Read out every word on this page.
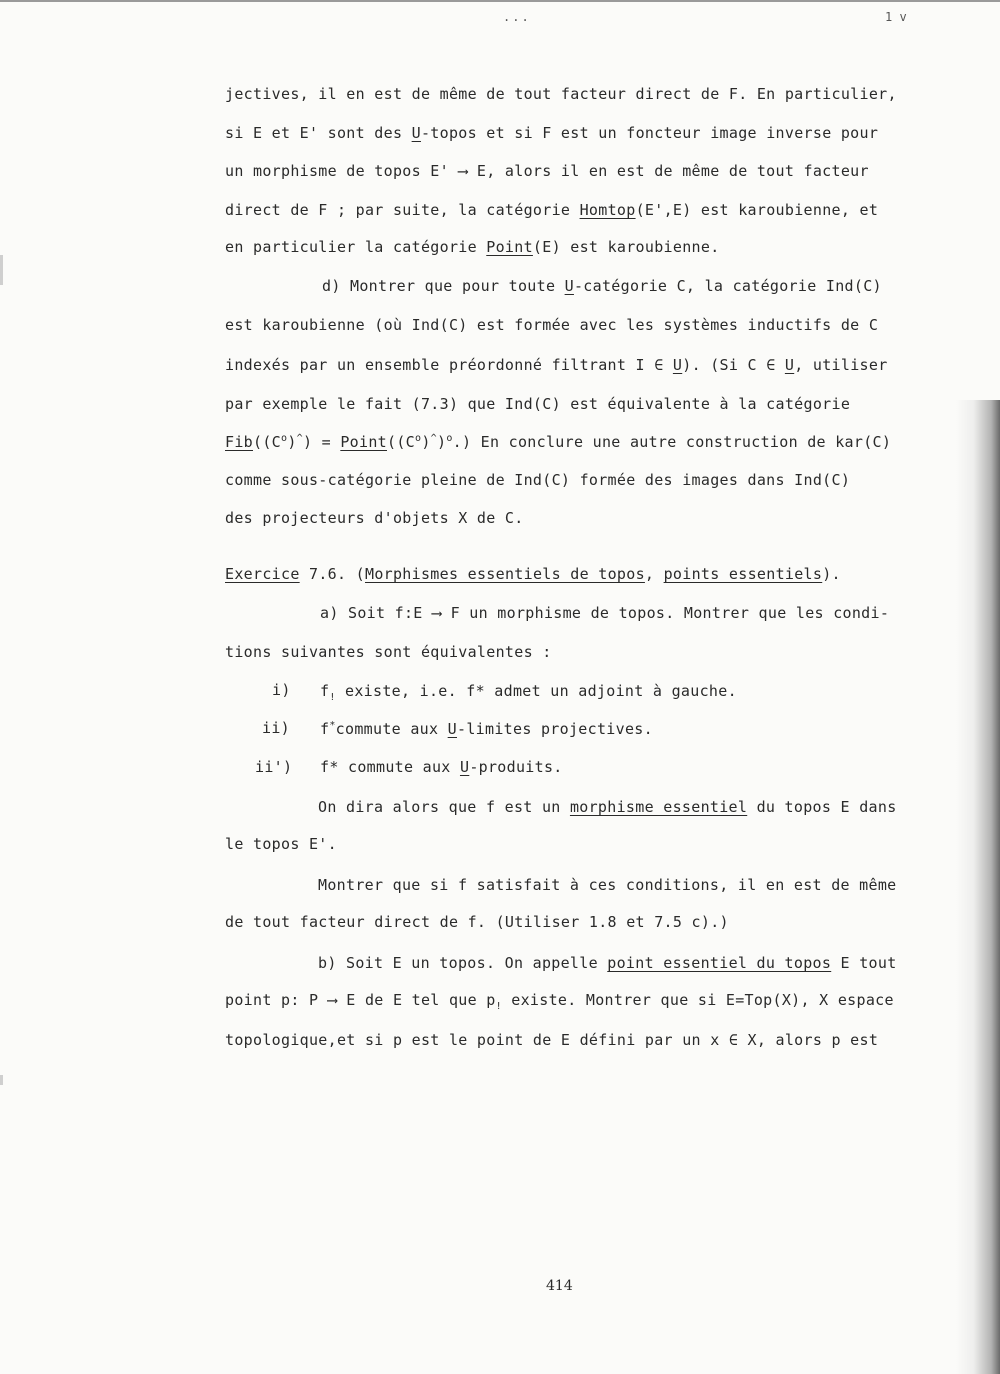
...	1 v
jectives, il en est de même de tout facteur direct de F. En particulier,
si E et E' sont des U-topos et si F est un foncteur image inverse pour
un morphisme de topos E' ⟶ E, alors il en est de même de tout facteur
direct de F ; par suite, la catégorie Homtop(E',E) est karoubienne, et
en particulier la catégorie Point(E) est karoubienne.
d) Montrer que pour toute U-catégorie C, la catégorie Ind(C)
est karoubienne (où Ind(C) est formée avec les systèmes inductifs de C
indexés par un ensemble préordonné filtrant I ∈ U). (Si C ∈ U, utiliser
par exemple le fait (7.3) que Ind(C) est équivalente à la catégorie
$Fib((C^o)^{\^{}})$ = $Point((C^o)^{\^{}})^o$.) En conclure une autre construction de kar(C)
comme sous-catégorie pleine de Ind(C) formée des images dans Ind(C)
des projecteurs d'objets X de C.
Exercice 7.6. (Morphismes essentiels de topos, points essentiels).
a) Soit f:E ⟶ F un morphisme de topos. Montrer que les condi-
tions suivantes sont équivalentes :
i) $f_!$ existe, i.e. f* admet un adjoint à gauche.
ii) f*commute aux U-limites projectives.
ii') f* commute aux U-produits.
On dira alors que f est un morphisme essentiel du topos E dans
le topos E'.
Montrer que si f satisfait à ces conditions, il en est de même
de tout facteur direct de f. (Utiliser 1.8 et 7.5 c).)
b) Soit E un topos. On appelle point essentiel du topos E tout
point p: P ⟶ E de E tel que $p_!$ existe. Montrer que si E=Top(X), X espace
topologique,et si p est le point de E défini par un x ∈ X, alors p est
414
